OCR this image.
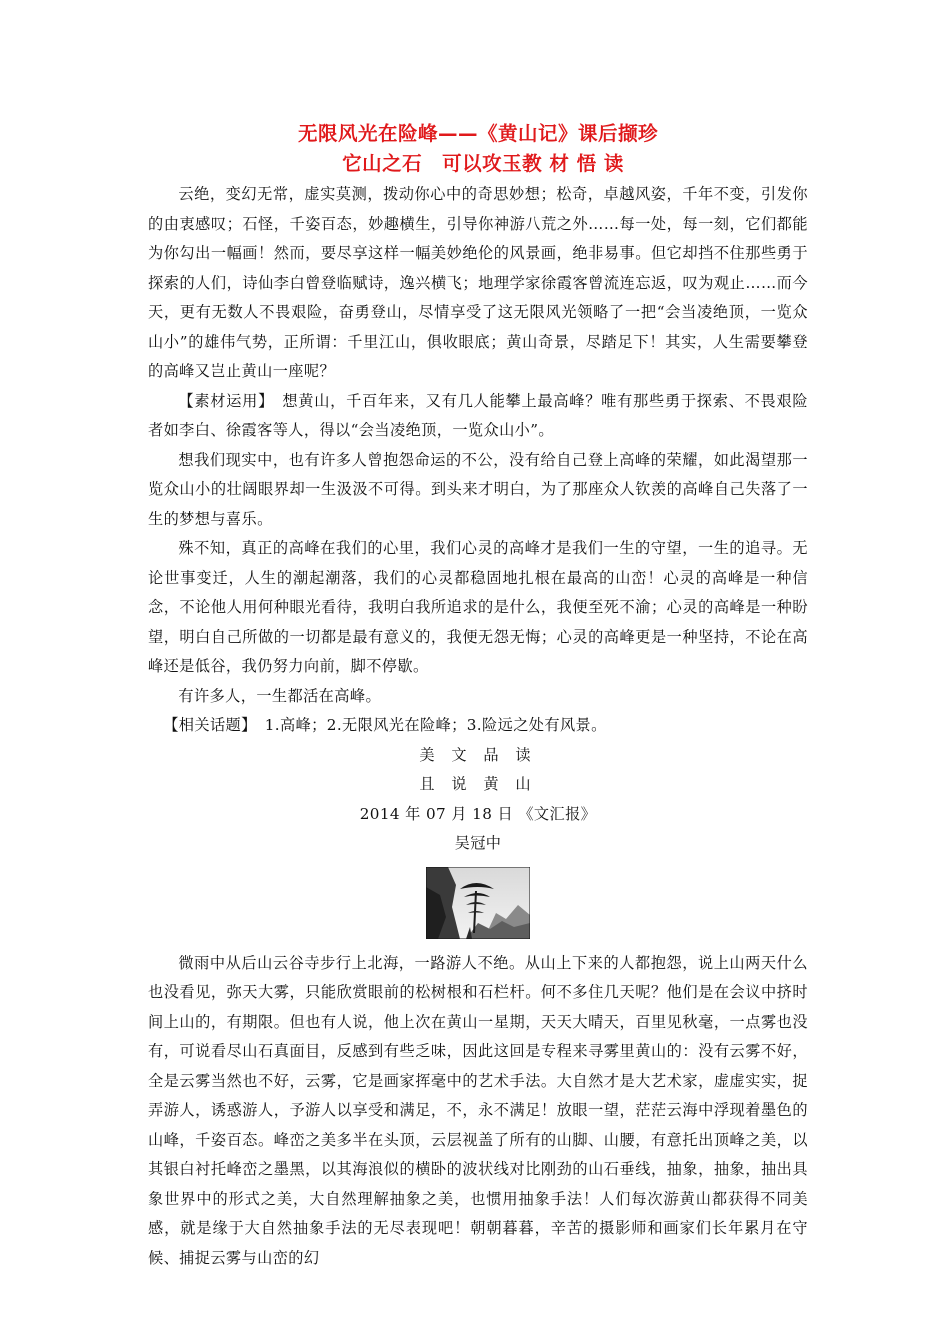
无限风光在险峰——《黄山记》课后撷珍
它山之石　可以攻玉教 材 悟 读

云绝，变幻无常，虚实莫测，拨动你心中的奇思妙想；松奇，卓越风姿，千年不变，引发你的由衷感叹；石怪，千姿百态，妙趣横生，引导你神游八荒之外……每一处，每一刻，它们都能为你勾出一幅画！然而，要尽享这样一幅美妙绝伦的风景画，绝非易事。但它却挡不住那些勇于探索的人们，诗仙李白曾登临赋诗，逸兴横飞；地理学家徐霞客曾流连忘返，叹为观止……而今天，更有无数人不畏艰险，奋勇登山，尽情享受了这无限风光领略了一把“会当凌绝顶，一览众山小”的雄伟气势，正所谓：千里江山，俱收眼底；黄山奇景，尽踏足下！其实，人生需要攀登的高峰又岂止黄山一座呢？

【素材运用】　想黄山，千百年来，又有几人能攀上最高峰？唯有那些勇于探索、不畏艰险者如李白、徐霞客等人，得以“会当凌绝顶，一览众山小”。

想我们现实中，也有许多人曾抱怨命运的不公，没有给自己登上高峰的荣耀，如此渴望那一览众山小的壮阔眼界却一生汲汲不可得。到头来才明白，为了那座众人钦羡的高峰自己失落了一生的梦想与喜乐。

殊不知，真正的高峰在我们的心里，我们心灵的高峰才是我们一生的守望，一生的追寻。无论世事变迁，人生的潮起潮落，我们的心灵都稳固地扎根在最高的山峦！心灵的高峰是一种信念，不论他人用何种眼光看待，我明白我所追求的是什么，我便至死不渝；心灵的高峰是一种盼望，明白自己所做的一切都是最有意义的，我便无怨无悔；心灵的高峰更是一种坚持，不论在高峰还是低谷，我仍努力向前，脚不停歇。

有许多人，一生都活在高峰。

【相关话题】　1.高峰；2.无限风光在险峰；3.险远之处有风景。

美 文 品 读
且 说 黄 山
2014 年 07 月 18 日 《文汇报》
吴冠中

微雨中从后山云谷寺步行上北海，一路游人不绝。从山上下来的人都抱怨，说上山两天什么也没看见，弥天大雾，只能欣赏眼前的松树根和石栏杆。何不多住几天呢？他们是在会议中挤时间上山的，有期限。但也有人说，他上次在黄山一星期，天天大晴天，百里见秋毫，一点雾也没有，可说看尽山石真面目，反感到有些乏味，因此这回是专程来寻雾里黄山的：没有云雾不好，全是云雾当然也不好，云雾，它是画家挥毫中的艺术手法。大自然才是大艺术家，虚虚实实，捉弄游人，诱惑游人，予游人以享受和满足，不，永不满足！放眼一望，茫茫云海中浮现着墨色的山峰，千姿百态。峰峦之美多半在头顶，云层视盖了所有的山脚、山腰，有意托出顶峰之美，以其银白衬托峰峦之墨黑，以其海浪似的横卧的波状线对比刚劲的山石垂线，抽象，抽象，抽出具象世界中的形式之美，大自然理解抽象之美，也惯用抽象手法！人们每次游黄山都获得不同美感，就是缘于大自然抽象手法的无尽表现吧！朝朝暮暮，辛苦的摄影师和画家们长年累月在守候、捕捉云雾与山峦的幻
